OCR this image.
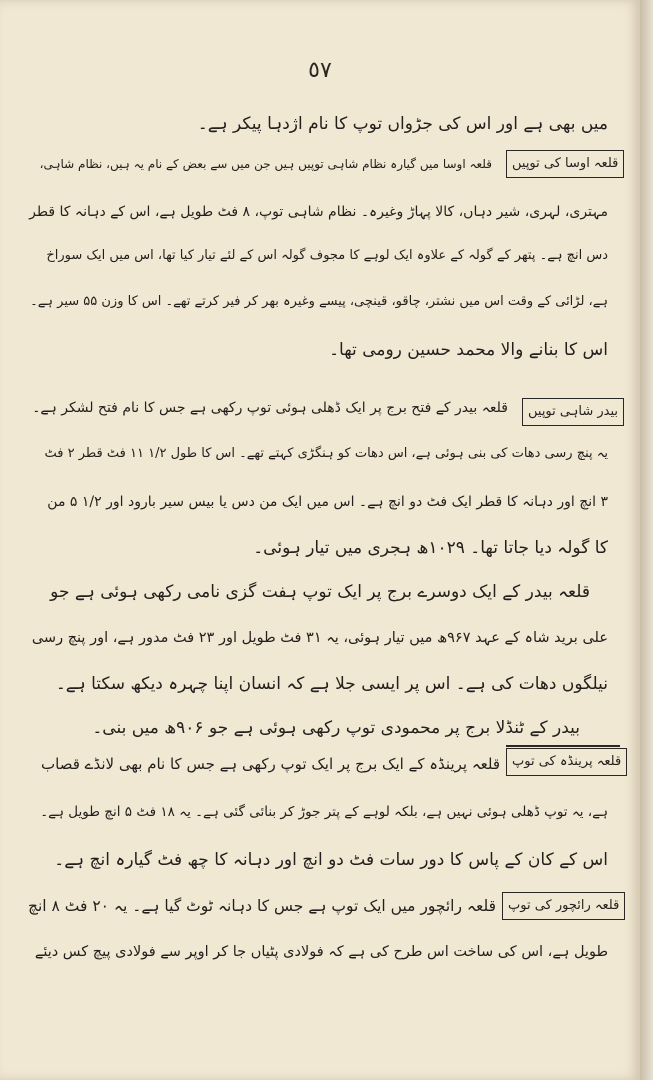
٥٧
میں بھی ہے اور اس کی جڑواں توپ کا نام اژدہا پیکر ہے۔
قلعہ اوسا کی توپیں
قلعہ اوسا میں گیارہ نظام شاہی توپیں ہیں جن میں سے بعض کے نام یہ ہیں، نظام شاہی،
مہتری، لہری، شیر دہاں، کالا پہاڑ وغیرہ۔ نظام شاہی توپ، ۸ فٹ طویل ہے، اس کے دہانہ کا قطر
دس انچ ہے۔ پتھر کے گولہ کے علاوہ ایک لوہے کا مجوف گولہ اس کے لئے تیار کیا تھا، اس میں ایک سوراخ
ہے، لڑائی کے وقت اس میں نشتر، چاقو، قینچی، پیسے وغیرہ بھر کر فیر کرتے تھے۔ اس کا وزن ۵۵ سیر ہے۔
اس کا بنانے والا محمد حسین رومی تھا۔
بیدر شاہی توپیں
قلعہ بیدر کے فتح برج پر ایک ڈھلی ہوئی توپ رکھی ہے جس کا نام فتح لشکر ہے۔
یہ پنچ رسی دھات کی بنی ہوئی ہے، اس دھات کو ہنگڑی کہتے تھے۔ اس کا طول ۱/۲ ۱۱ فٹ قطر ۲ فٹ
۳ انچ اور دہانہ کا قطر ایک فٹ دو انچ ہے۔ اس میں ایک من دس یا بیس سیر بارود اور ۱/۲ ۵ من
کا گولہ دیا جاتا تھا۔ ۱۰۲۹ھ ہجری میں تیار ہوئی۔
قلعہ بیدر کے ایک دوسرے برج پر ایک توپ ہفت گزی نامی رکھی ہوئی ہے جو
علی برید شاہ کے عہد ۹۶۷ھ میں تیار ہوئی، یہ ۳۱ فٹ طویل اور ۲۳ فٹ مدور ہے، اور پنچ رسی
نیلگوں دھات کی ہے۔ اس پر ایسی جلا ہے کہ انسان اپنا چہرہ دیکھ سکتا ہے۔
بیدر کے ٹنڈلا برج پر محمودی توپ رکھی ہوئی ہے جو ۹۰۶ھ میں بنی۔
قلعہ پرینڈہ کی توپ
قلعہ پرینڈہ کے ایک برج پر ایک توپ رکھی ہے جس کا نام بھی لانڈے قصاب
ہے، یہ توپ ڈھلی ہوئی نہیں ہے، بلکہ لوہے کے پتر جوڑ کر بنائی گئی ہے۔ یہ ۱۸ فٹ ۵ انچ طویل ہے۔
اس کے کان کے پاس کا دور سات فٹ دو انچ اور دہانہ کا چھ فٹ گیارہ انچ ہے۔
قلعہ رائچور کی توپ
قلعہ رائچور میں ایک توپ ہے جس کا دہانہ ٹوٹ گیا ہے۔ یہ ۲۰ فٹ ۸ انچ
طویل ہے، اس کی ساخت اس طرح کی ہے کہ فولادی پٹیاں جا کر اوپر سے فولادی پیچ کس دیئے
